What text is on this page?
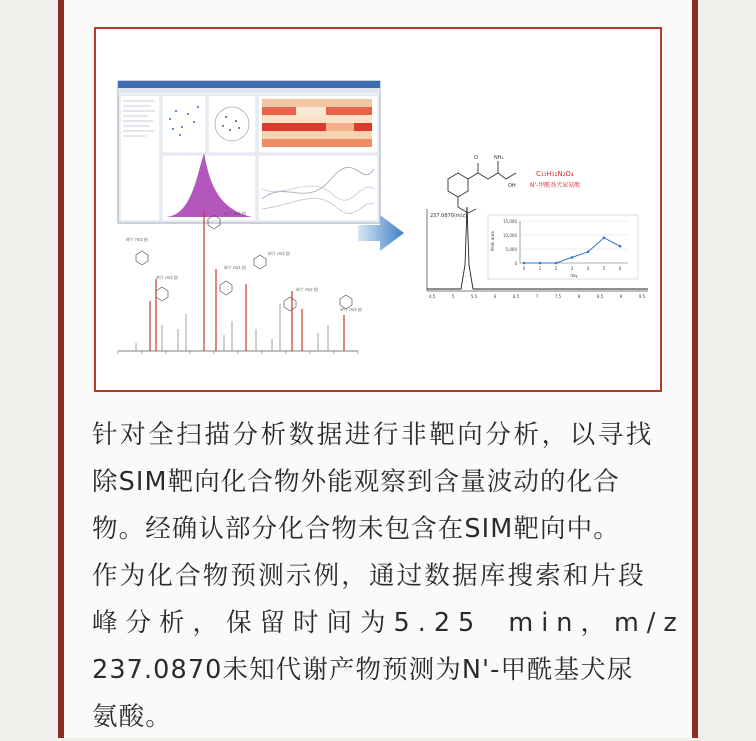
碎片 m/z 值
碎片 m/z 值
碎片 m/z 值
碎片 m/z 值
碎片 m/z 值
碎片 m/z 值
碎片 m/z 值
NH₂
OH
O
C₁₁H₁₂N₂O₄
N'-甲酰基犬尿氨酸
237.0870(m/z)
4.5	5	5.5	6	6.5	7	7.5	8	8.5	9	9.5
Peak area
15,000
10,000
5,000
0
0	1	2	3	4	5	6
day
针对全扫描分析数据进行非靶向分析，以寻找
除SIM靶向化合物外能观察到含量波动的化合
物。经确认部分化合物未包含在SIM靶向中。
作为化合物预测示例，通过数据库搜索和片段
峰分析，保留时间为5.25 min，m/z
237.0870未知代谢产物预测为N'-甲酰基犬尿
氨酸。
